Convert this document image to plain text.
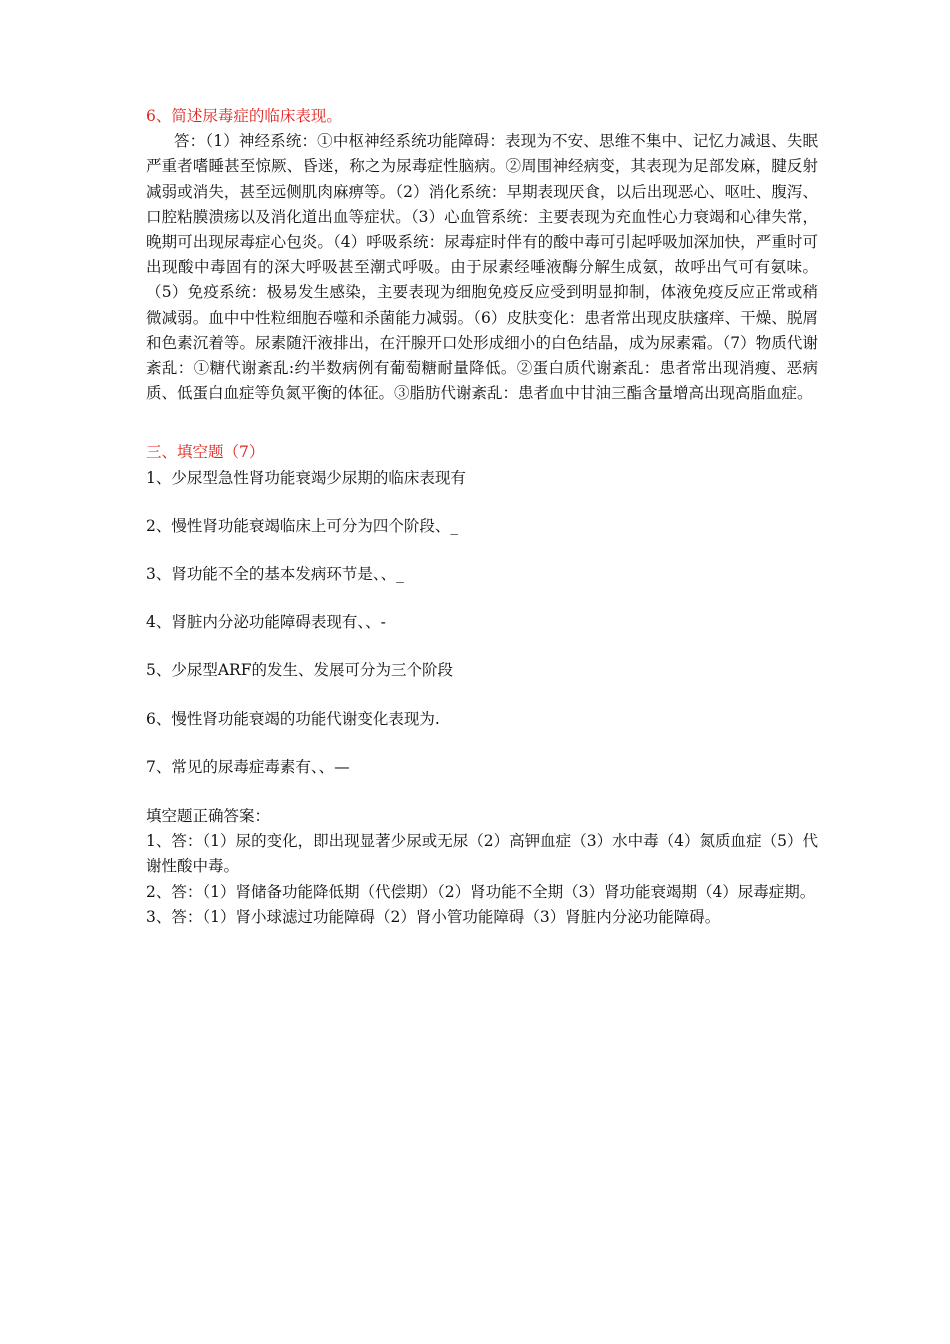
6、简述尿毒症的临床表现。

答：（1）神经系统：①中枢神经系统功能障碍：表现为不安、思维不集中、记忆力减退、失眠严重者嗜睡甚至惊厥、昏迷，称之为尿毒症性脑病。②周围神经病变，其表现为足部发麻，腱反射减弱或消失，甚至远侧肌肉麻痹等。（2）消化系统：早期表现厌食，以后出现恶心、呕吐、腹泻、口腔粘膜溃疡以及消化道出血等症状。（3）心血管系统：主要表现为充血性心力衰竭和心律失常，晚期可出现尿毒症心包炎。（4）呼吸系统：尿毒症时伴有的酸中毒可引起呼吸加深加快，严重时可出现酸中毒固有的深大呼吸甚至潮式呼吸。由于尿素经唾液酶分解生成氨，故呼出气可有氨味。（5）免疫系统：极易发生感染，主要表现为细胞免疫反应受到明显抑制，体液免疫反应正常或稍微减弱。血中中性粒细胞吞噬和杀菌能力减弱。（6）皮肤变化：患者常出现皮肤瘙痒、干燥、脱屑和色素沉着等。尿素随汗液排出，在汗腺开口处形成细小的白色结晶，成为尿素霜。（7）物质代谢紊乱：①糖代谢紊乱:约半数病例有葡萄糖耐量降低。②蛋白质代谢紊乱：患者常出现消瘦、恶病质、低蛋白血症等负氮平衡的体征。③脂肪代谢紊乱：患者血中甘油三酯含量增高出现高脂血症。

三、填空题（7）

1、少尿型急性肾功能衰竭少尿期的临床表现有

2、慢性肾功能衰竭临床上可分为四个阶段、_

3、肾功能不全的基本发病环节是、、_

4、肾脏内分泌功能障碍表现有、、-

5、少尿型ARF的发生、发展可分为三个阶段

6、慢性肾功能衰竭的功能代谢变化表现为.

7、常见的尿毒症毒素有、、—

填空题正确答案：

1、答：（1）尿的变化，即出现显著少尿或无尿（2）高钾血症（3）水中毒（4）氮质血症（5）代谢性酸中毒。

2、答：（1）肾储备功能降低期（代偿期）（2）肾功能不全期（3）肾功能衰竭期（4）尿毒症期。

3、答：（1）肾小球滤过功能障碍（2）肾小管功能障碍（3）肾脏内分泌功能障碍。
